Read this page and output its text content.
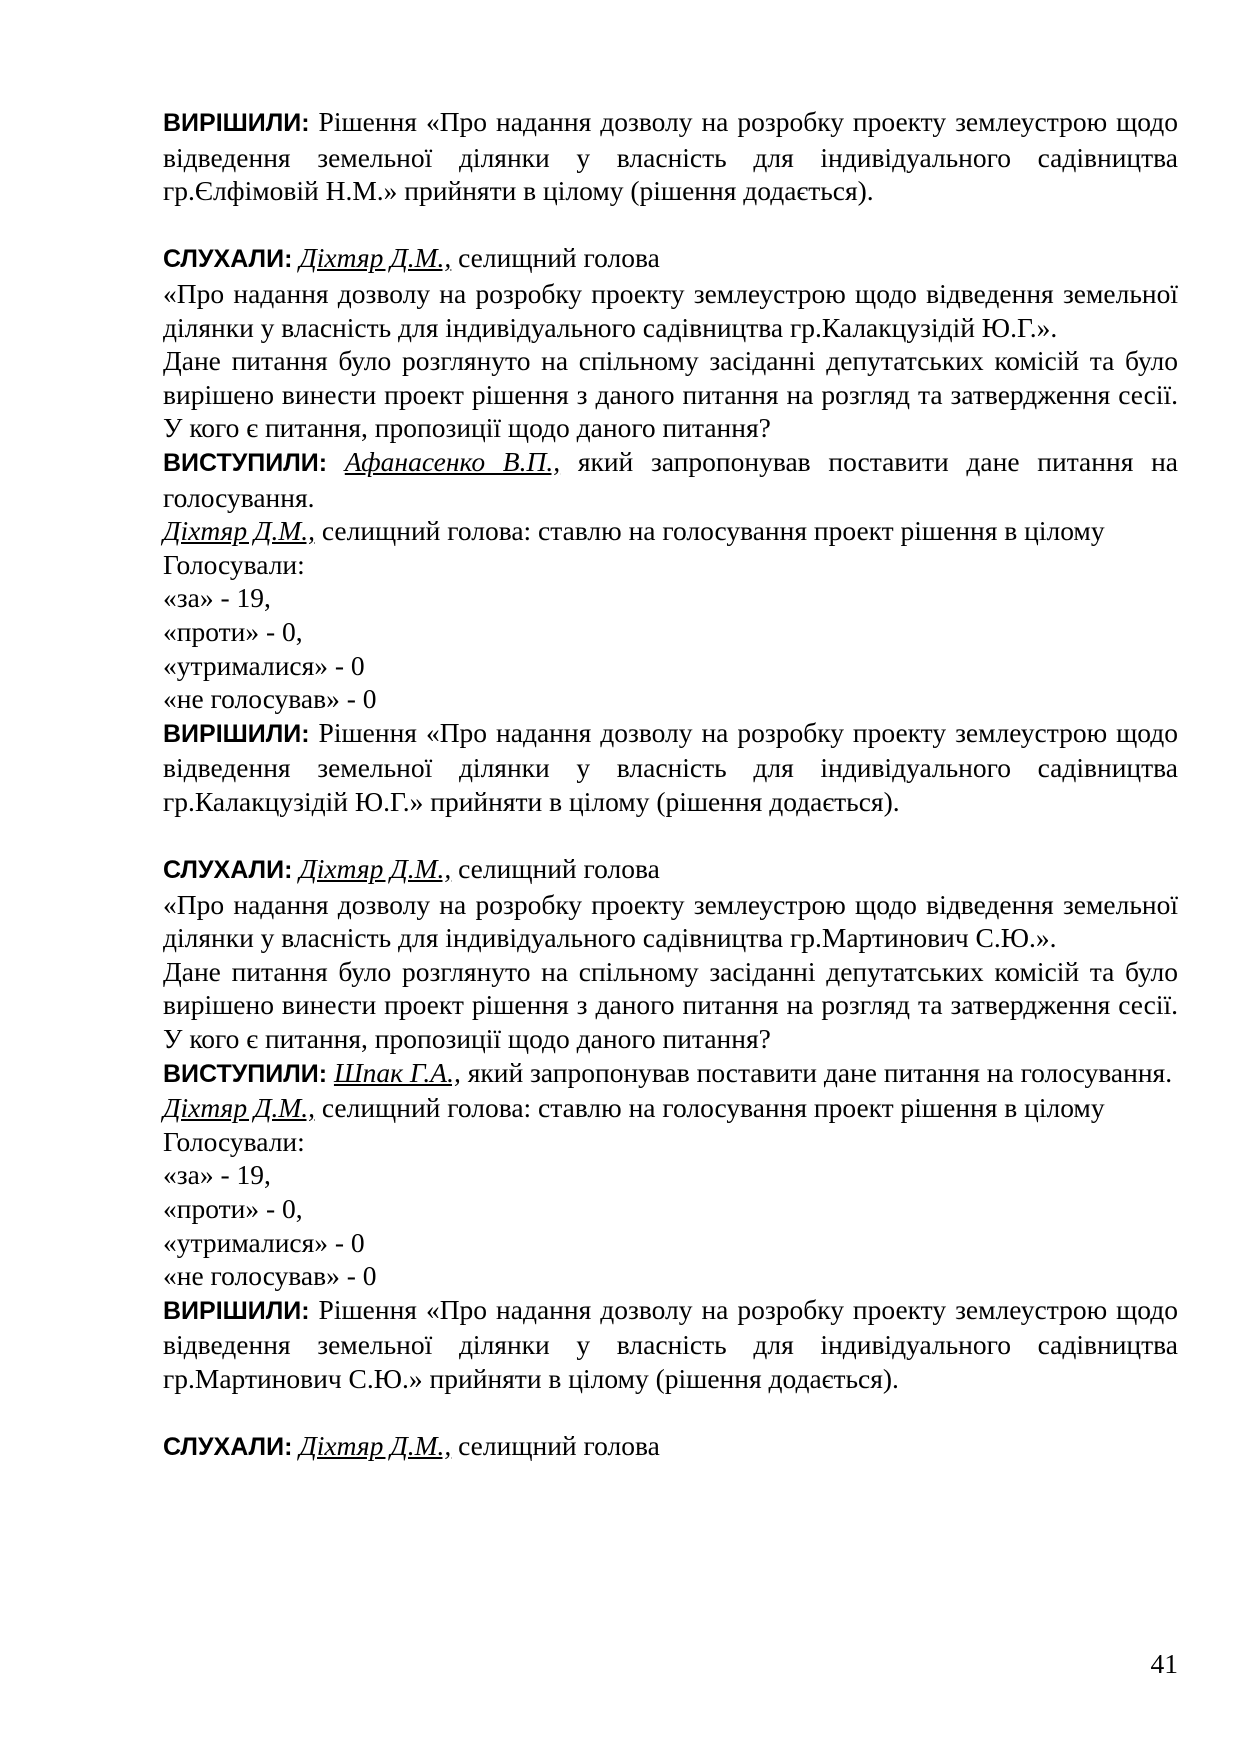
ВИРІШИЛИ: Рішення «Про надання дозволу на розробку проекту землеустрою щодо відведення земельної ділянки у власність для індивідуального садівництва гр.Єлфімовій Н.М.» прийняти в цілому (рішення додається).

СЛУХАЛИ: Діхтяр Д.М., селищний голова

«Про надання дозволу на розробку проекту землеустрою щодо відведення земельної ділянки у власність для індивідуального садівництва гр.Калакцузідій Ю.Г.».

Дане питання було розглянуто на спільному засіданні депутатських комісій та було вирішено винести проект рішення з даного питання на розгляд та затвердження сесії. У кого є питання, пропозиції щодо даного питання?

ВИСТУПИЛИ: Афанасенко В.П., який запропонував поставити дане питання на голосування.

Діхтяр Д.М., селищний голова: ставлю на голосування проект рішення в цілому

Голосували:

«за» - 19,

«проти» - 0,

«утрималися» - 0

«не голосував» - 0

ВИРІШИЛИ: Рішення «Про надання дозволу на розробку проекту землеустрою щодо відведення земельної ділянки у власність для індивідуального садівництва гр.Калакцузідій Ю.Г.» прийняти в цілому (рішення додається).

СЛУХАЛИ: Діхтяр Д.М., селищний голова

«Про надання дозволу на розробку проекту землеустрою щодо відведення земельної ділянки у власність для індивідуального садівництва гр.Мартинович С.Ю.».

Дане питання було розглянуто на спільному засіданні депутатських комісій та було вирішено винести проект рішення з даного питання на розгляд та затвердження сесії. У кого є питання, пропозиції щодо даного питання?

ВИСТУПИЛИ: Шпак Г.А., який запропонував поставити дане питання на голосування.

Діхтяр Д.М., селищний голова: ставлю на голосування проект рішення в цілому

Голосували:

«за» - 19,

«проти» - 0,

«утрималися» - 0

«не голосував» - 0

ВИРІШИЛИ: Рішення «Про надання дозволу на розробку проекту землеустрою щодо відведення земельної ділянки у власність для індивідуального садівництва гр.Мартинович С.Ю.» прийняти в цілому (рішення додається).

СЛУХАЛИ: Діхтяр Д.М., селищний голова

41
